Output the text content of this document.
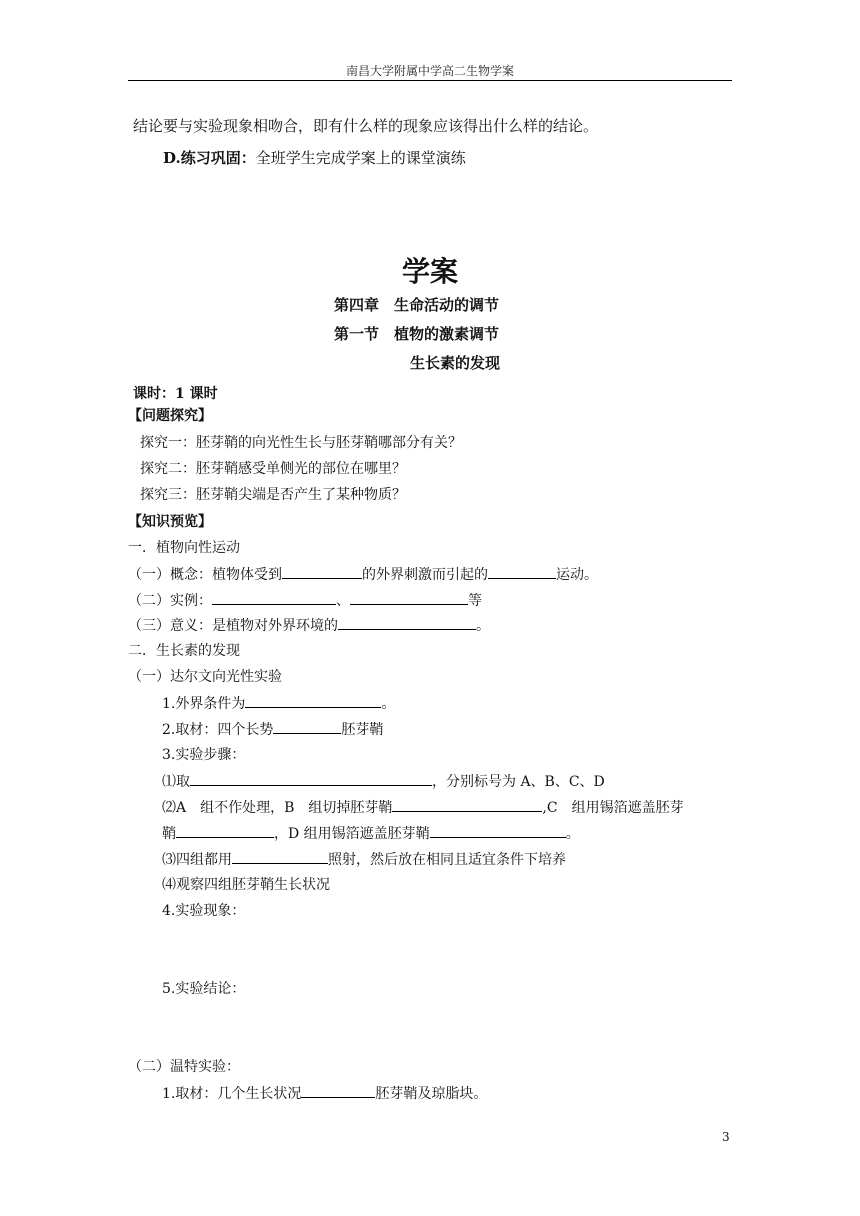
南昌大学附属中学高二生物学案
结论要与实验现象相吻合，即有什么样的现象应该得出什么样的结论。
D.练习巩固：全班学生完成学案上的课堂演练
学案
第四章　生命活动的调节
第一节　植物的激素调节
生长素的发现
课时：1 课时
【问题探究】
探究一：胚芽鞘的向光性生长与胚芽鞘哪部分有关？
探究二：胚芽鞘感受单侧光的部位在哪里？
探究三：胚芽鞘尖端是否产生了某种物质？
【知识预览】
一．植物向性运动
（一）概念：植物体受到	的外界刺激而引起的	运动。
（二）实例：	、	等
（三）意义：是植物对外界环境的	。
二．生长素的发现
（一）达尔文向光性实验
1.外界条件为	。
2.取材：四个长势	胚芽鞘
3.实验步骤：
⑴取	，分别标号为 A、B、C、D
⑵A　组不作处理，B　组切掉胚芽鞘	,C　组用锡箔遮盖胚芽
鞘	，D 组用锡箔遮盖胚芽鞘	。
⑶四组都用	照射，然后放在相同且适宜条件下培养
⑷观察四组胚芽鞘生长状况
4.实验现象：
5.实验结论：
（二）温特实验：
1.取材：几个生长状况	胚芽鞘及琼脂块。
3
